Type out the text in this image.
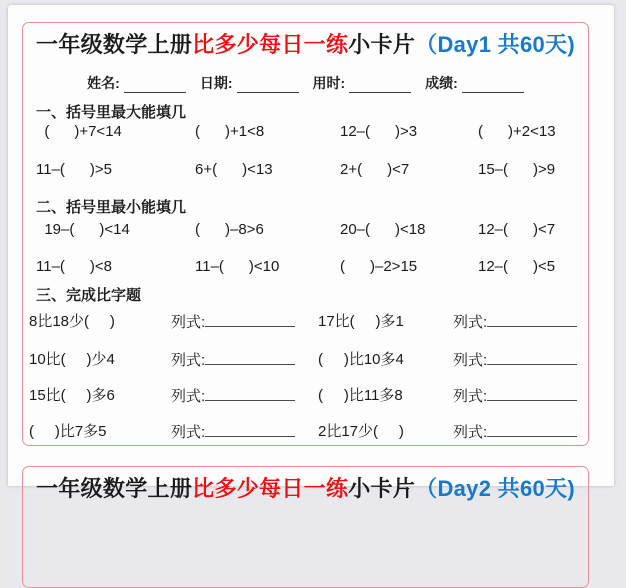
一年级数学上册比多少每日一练小卡片（Day1 共60天)
姓名:	日期:	用时:	成绩:
一、括号里最大能填几
(      )+7<14	(      )+1<8	12–(      )>3	(      )+2<13
11–(      )>5	6+(      )<13	2+(      )<7	15–(      )>9
二、括号里最小能填几
19–(      )<14	(      )–8>6	20–(      )<18	12–(      )<7
11–(      )<8	11–(      )<10	(      )–2>15	12–(      )<5
三、完成比字题
8比18少(     )	列式:	17比(     )多1	列式:
10比(     )少4	列式:	(     )比10多4	列式:
15比(     )多6	列式:	(     )比11多8	列式:
(     )比7多5	列式:	2比17少(     )	列式:
一年级数学上册比多少每日一练小卡片（Day2 共60天)
